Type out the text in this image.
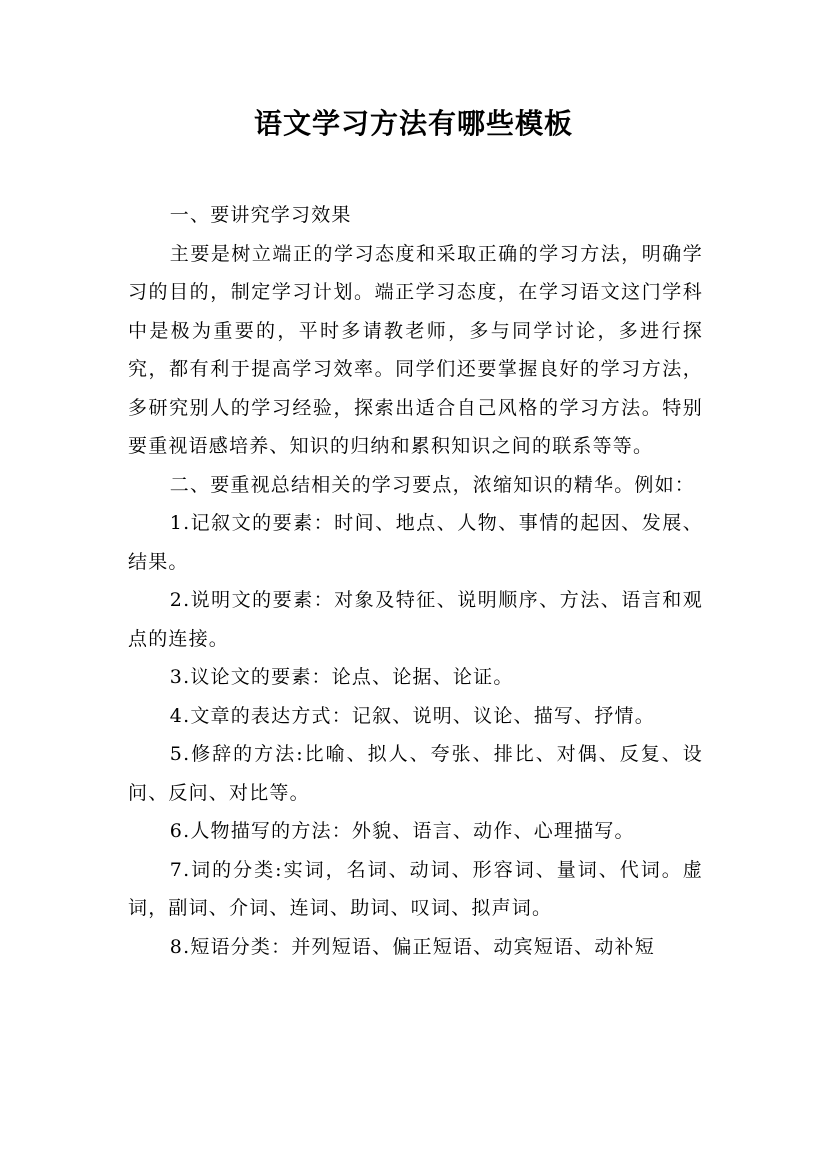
语文学习方法有哪些模板

一、要讲究学习效果

主要是树立端正的学习态度和采取正确的学习方法，明确学习的目的，制定学习计划。端正学习态度，在学习语文这门学科中是极为重要的，平时多请教老师，多与同学讨论，多进行探究，都有利于提高学习效率。同学们还要掌握良好的学习方法，多研究别人的学习经验，探索出适合自己风格的学习方法。特别要重视语感培养、知识的归纳和累积知识之间的联系等等。

二、要重视总结相关的学习要点，浓缩知识的精华。例如：

1.记叙文的要素：时间、地点、人物、事情的起因、发展、结果。

2.说明文的要素：对象及特征、说明顺序、方法、语言和观点的连接。

3.议论文的要素：论点、论据、论证。

4.文章的表达方式：记叙、说明、议论、描写、抒情。

5.修辞的方法:比喻、拟人、夸张、排比、对偶、反复、设问、反问、对比等。

6.人物描写的方法：外貌、语言、动作、心理描写。

7.词的分类:实词，名词、动词、形容词、量词、代词。虚词，副词、介词、连词、助词、叹词、拟声词。

8.短语分类：并列短语、偏正短语、动宾短语、动补短
